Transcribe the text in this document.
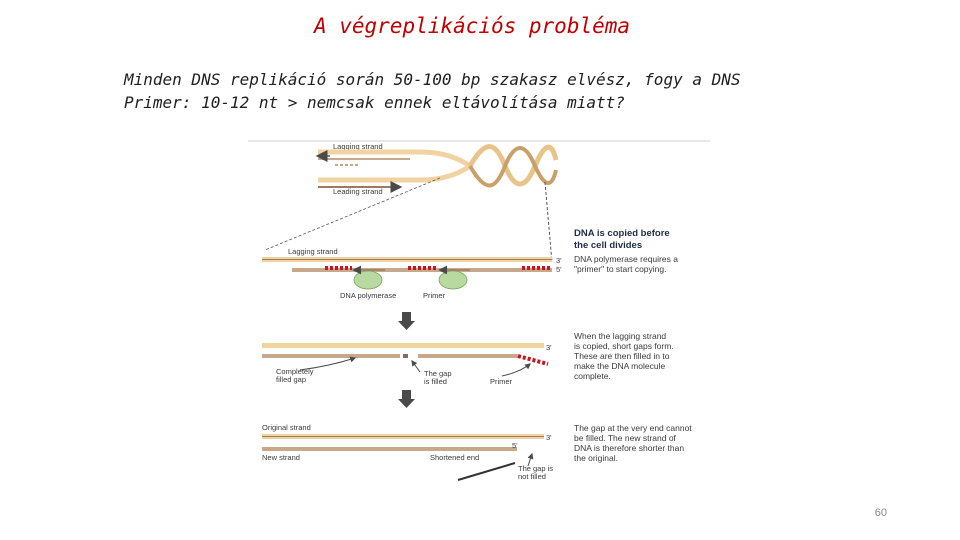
A végreplikációs probléma
Minden DNS replikáció során 50-100 bp szakasz elvész, fogy a DNS
Primer: 10-12 nt > nemcsak ennek eltávolítása miatt?
Lagging strand
Leading strand
Lagging strand
3'
5'
DNA polymerase	Primer
DNA is copied before
the cell divides
DNA polymerase requires a
"primer" to start copying.
3'
Completely
filled gap
The gap
is filled	Primer
When the lagging strand
is copied, short gaps form.
These are then filled in to
make the DNA molecule
complete.
Original strand
3'
5'
New strand	Shortened end
The gap is
not filled
The gap at the very end cannot
be filled. The new strand of
DNA is therefore shorter than
the original.
60
